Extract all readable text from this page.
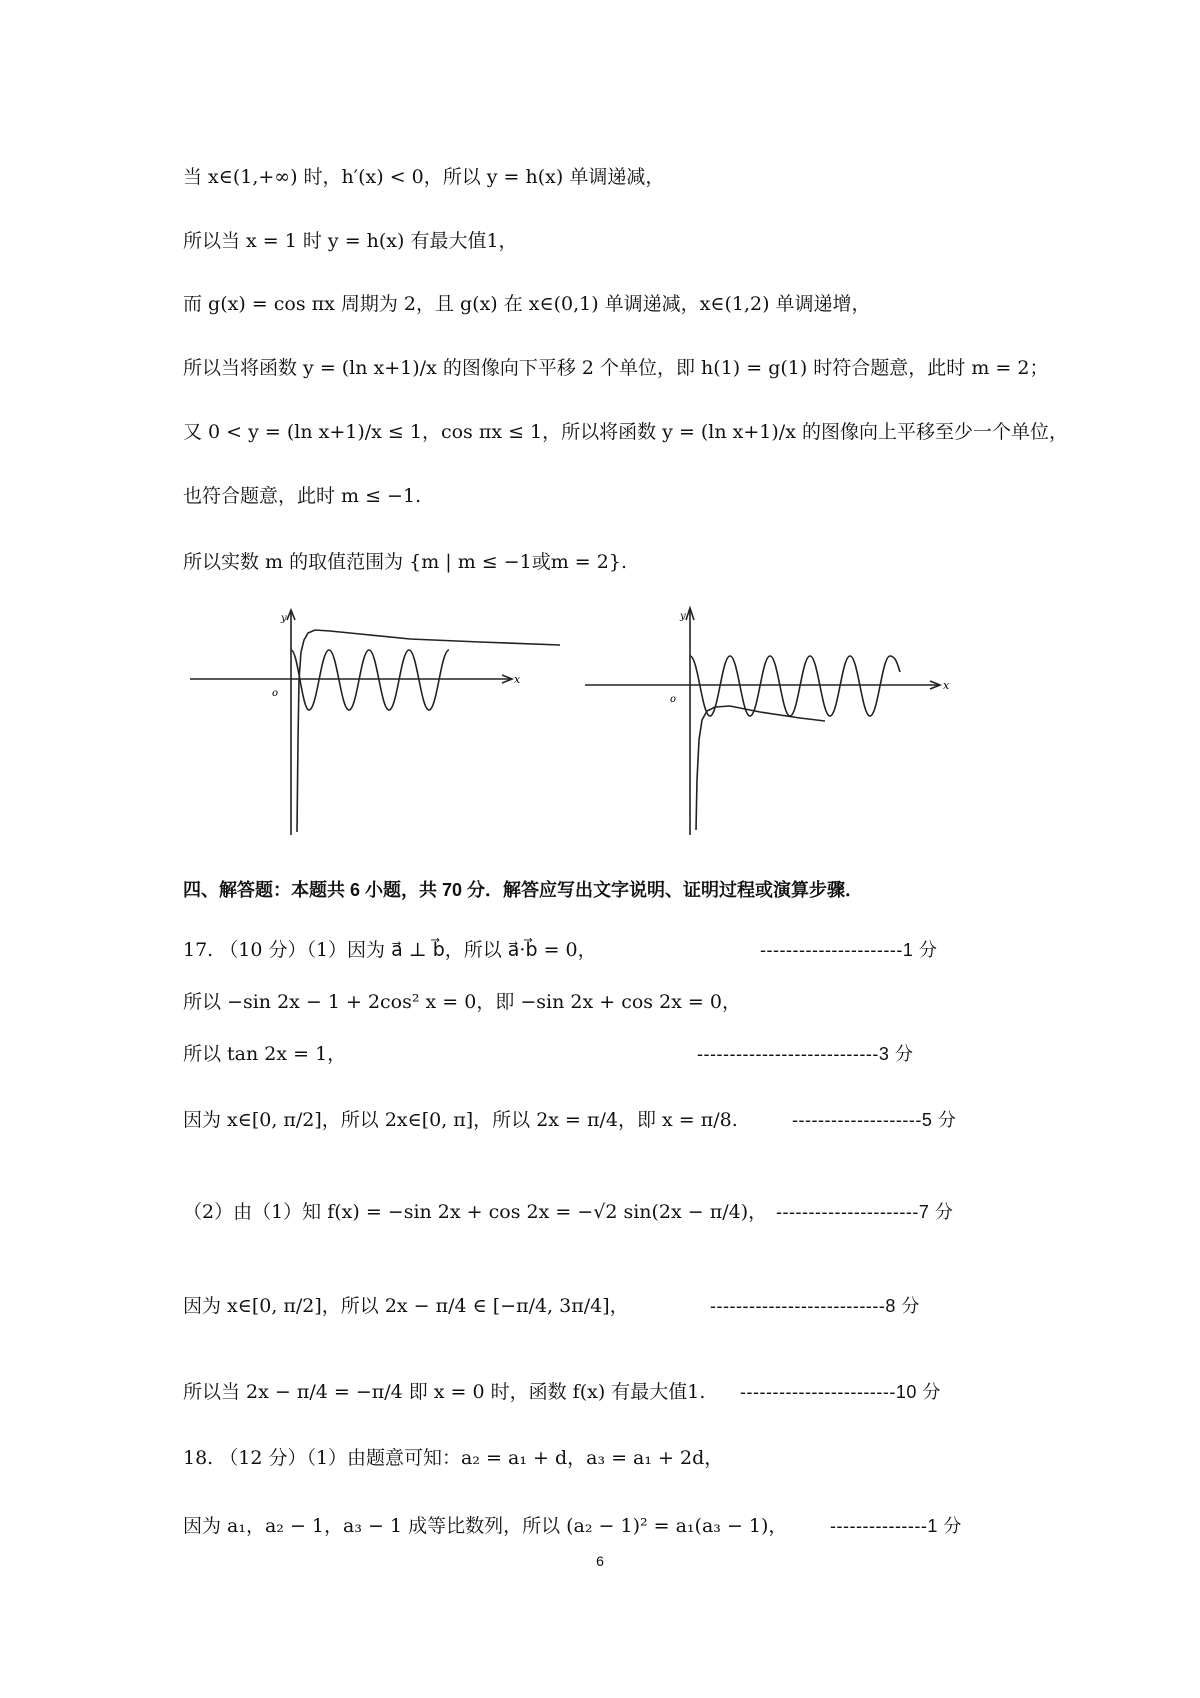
当 x∈(1,+∞) 时，h′(x) < 0，所以 y = h(x) 单调递减，
所以当 x = 1 时 y = h(x) 有最大值1，
而 g(x) = cos πx 周期为 2，且 g(x) 在 x∈(0,1) 单调递减，x∈(1,2) 单调递增，
所以当将函数 y = (ln x+1)/x 的图像向下平移 2 个单位，即 h(1) = g(1) 时符合题意，此时 m = 2；
又 0 < y = (ln x+1)/x ≤ 1，cos πx ≤ 1，所以将函数 y = (ln x+1)/x 的图像向上平移至少一个单位，
也符合题意，此时 m ≤ −1.
所以实数 m 的取值范围为 {m | m ≤ −1或m = 2}.
x
y
o
x
y
o
四、解答题：本题共 6 小题，共 70 分．解答应写出文字说明、证明过程或演算步骤．
17. （10 分）（1）因为 a⃗ ⊥ b⃗，所以 a⃗·b⃗ = 0，	----------------------1 分
所以 −sin 2x − 1 + 2cos² x = 0，即 −sin 2x + cos 2x = 0，
所以 tan 2x = 1，	----------------------------3 分
因为 x∈[0, π/2]，所以 2x∈[0, π]，所以 2x = π/4，即 x = π/8.	--------------------5 分
（2）由（1）知 f(x) = −sin 2x + cos 2x = −√2 sin(2x − π/4)， ----------------------7 分
因为 x∈[0, π/2]，所以 2x − π/4 ∈ [−π/4, 3π/4]，	---------------------------8 分
所以当 2x − π/4 = −π/4 即 x = 0 时，函数 f(x) 有最大值1. ------------------------10 分
18. （12 分）（1）由题意可知：a₂ = a₁ + d，a₃ = a₁ + 2d，
因为 a₁，a₂ − 1，a₃ − 1 成等比数列，所以 (a₂ − 1)² = a₁(a₃ − 1)， ---------------1 分
6
